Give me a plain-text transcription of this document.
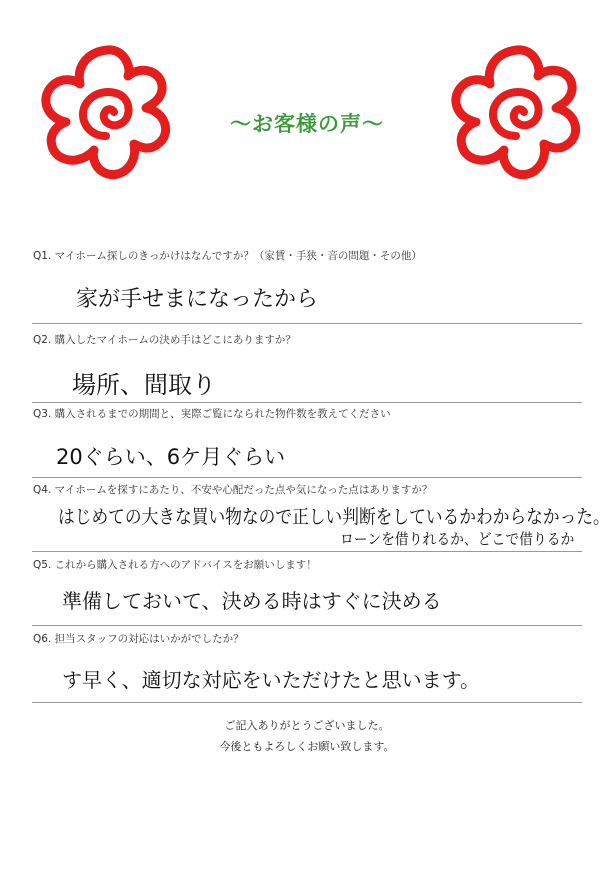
〜お客様の声〜
Q1. マイホーム探しのきっかけはなんですか？（家賃・手狭・音の問題・その他）
家が手せまになったから
Q2. 購入したマイホームの決め手はどこにありますか？
場所、間取り
Q3. 購入されるまでの期間と、実際ご覧になられた物件数を教えてください
20ぐらい、6ケ月ぐらい
Q4. マイホームを探すにあたり、不安や心配だった点や気になった点はありますか？
はじめての大きな買い物なので正しい判断をしているかわからなかった。
ローンを借りれるか、どこで借りるか
Q5. これから購入される方へのアドバイスをお願いします！
準備しておいて、決める時はすぐに決める
Q6. 担当スタッフの対応はいかがでしたか？
す早く、適切な対応をいただけたと思います。
ご記入ありがとうございました。
今後ともよろしくお願い致します。
